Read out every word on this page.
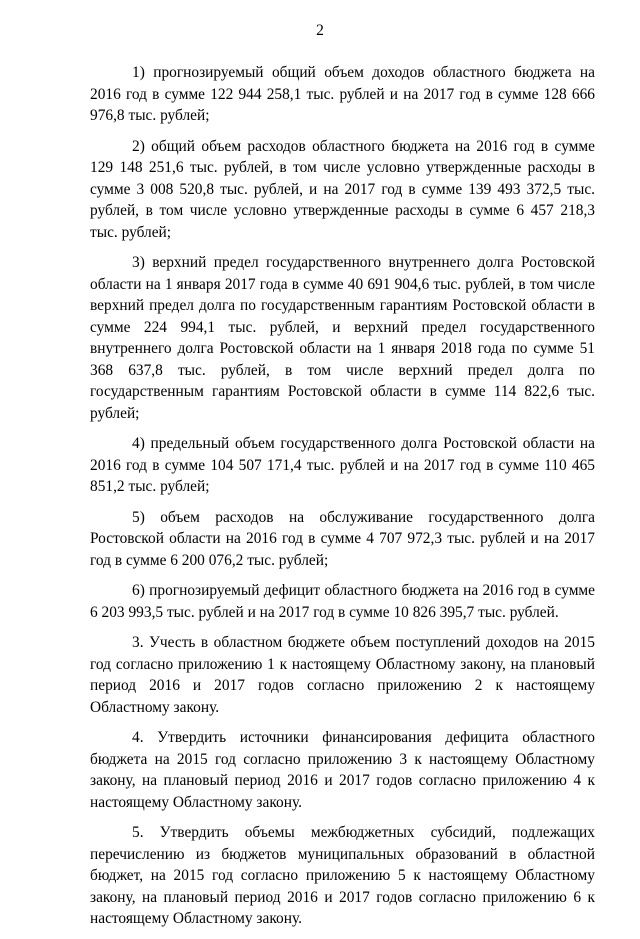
2

1) прогнозируемый общий объем доходов областного бюджета на 2016 год в сумме 122 944 258,1 тыс. рублей и на 2017 год в сумме 128 666 976,8 тыс. рублей;

2) общий объем расходов областного бюджета на 2016 год в сумме 129 148 251,6 тыс. рублей, в том числе условно утвержденные расходы в сумме 3 008 520,8 тыс. рублей, и на 2017 год в сумме 139 493 372,5 тыс. рублей, в том числе условно утвержденные расходы в сумме 6 457 218,3 тыс. рублей;

3) верхний предел государственного внутреннего долга Ростовской области на 1 января 2017 года в сумме 40 691 904,6 тыс. рублей, в том числе верхний предел долга по государственным гарантиям Ростовской области в сумме 224 994,1 тыс. рублей, и верхний предел государственного внутреннего долга Ростовской области на 1 января 2018 года по сумме 51 368 637,8 тыс. рублей, в том числе верхний предел долга по государственным гарантиям Ростовской области в сумме 114 822,6 тыс. рублей;

4) предельный объем государственного долга Ростовской области на 2016 год в сумме 104 507 171,4 тыс. рублей и на 2017 год в сумме 110 465 851,2 тыс. рублей;

5) объем расходов на обслуживание государственного долга Ростовской области на 2016 год в сумме 4 707 972,3 тыс. рублей и на 2017 год в сумме 6 200 076,2 тыс. рублей;

6) прогнозируемый дефицит областного бюджета на 2016 год в сумме 6 203 993,5 тыс. рублей и на 2017 год в сумме 10 826 395,7 тыс. рублей.

3. Учесть в областном бюджете объем поступлений доходов на 2015 год согласно приложению 1 к настоящему Областному закону, на плановый период 2016 и 2017 годов согласно приложению 2 к настоящему Областному закону.

4. Утвердить источники финансирования дефицита областного бюджета на 2015 год согласно приложению 3 к настоящему Областному закону, на плановый период 2016 и 2017 годов согласно приложению 4 к настоящему Областному закону.

5. Утвердить объемы межбюджетных субсидий, подлежащих перечислению из бюджетов муниципальных образований в областной бюджет, на 2015 год согласно приложению 5 к настоящему Областному закону, на плановый период 2016 и 2017 годов согласно приложению 6 к настоящему Областному закону.
